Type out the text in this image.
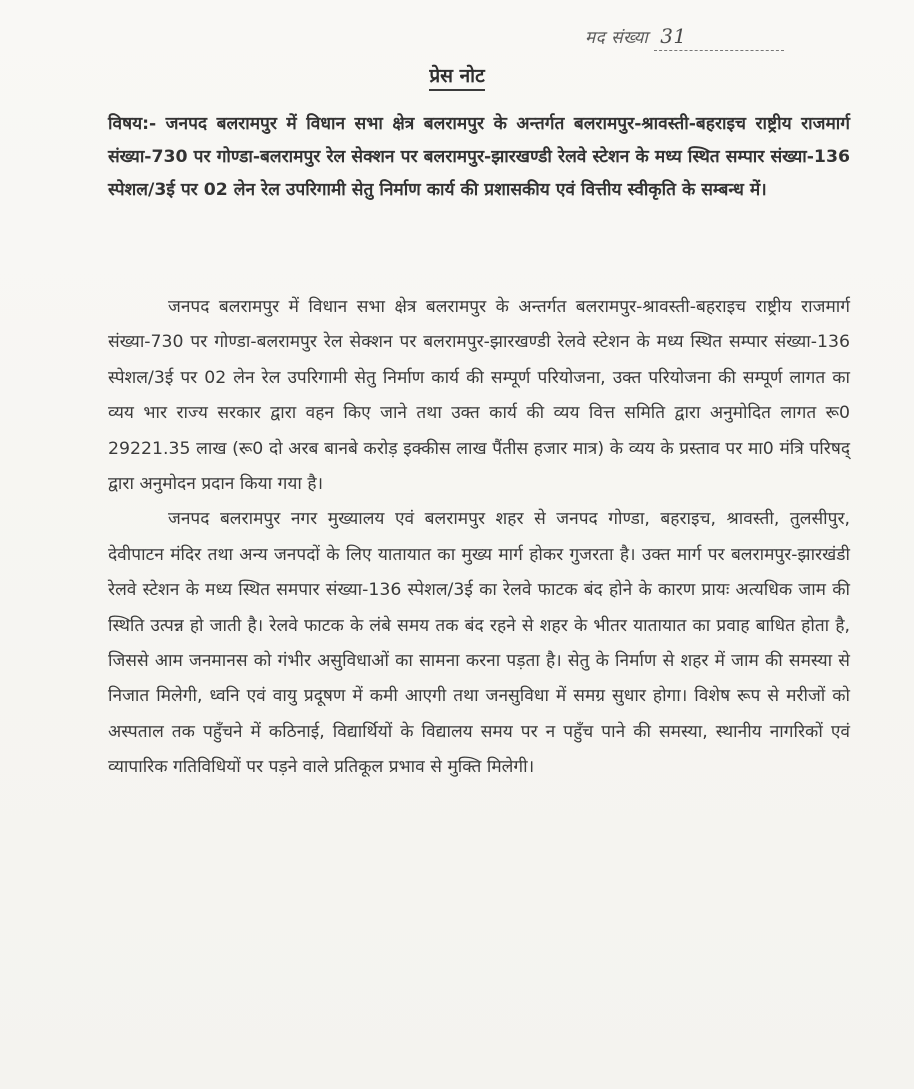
मद संख्या 31
प्रेस नोट
विषय:- जनपद बलरामपुर में विधान सभा क्षेत्र बलरामपुर के अन्तर्गत बलरामपुर-श्रावस्ती-बहराइच राष्ट्रीय राजमार्ग संख्या-730 पर गोण्डा-बलरामपुर रेल सेक्शन पर बलरामपुर-झारखण्डी रेलवे स्टेशन के मध्य स्थित सम्पार संख्या-136 स्पेशल/3ई पर 02 लेन रेल उपरिगामी सेतु निर्माण कार्य की प्रशासकीय एवं वित्तीय स्वीकृति के सम्बन्ध में।

जनपद बलरामपुर में विधान सभा क्षेत्र बलरामपुर के अन्तर्गत बलरामपुर-श्रावस्ती-बहराइच राष्ट्रीय राजमार्ग संख्या-730 पर गोण्डा-बलरामपुर रेल सेक्शन पर बलरामपुर-झारखण्डी रेलवे स्टेशन के मध्य स्थित सम्पार संख्या-136 स्पेशल/3ई पर 02 लेन रेल उपरिगामी सेतु निर्माण कार्य की सम्पूर्ण परियोजना, उक्त परियोजना की सम्पूर्ण लागत का व्यय भार राज्य सरकार द्वारा वहन किए जाने तथा उक्त कार्य की व्यय वित्त समिति द्वारा अनुमोदित लागत रू0 29221.35 लाख (रू0 दो अरब बानबे करोड़ इक्कीस लाख पैंतीस हजार मात्र) के व्यय के प्रस्ताव पर मा0 मंत्रि परिषद् द्वारा अनुमोदन प्रदान किया गया है।

जनपद बलरामपुर नगर मुख्यालय एवं बलरामपुर शहर से जनपद गोण्डा, बहराइच, श्रावस्ती, तुलसीपुर, देवीपाटन मंदिर तथा अन्य जनपदों के लिए यातायात का मुख्य मार्ग होकर गुजरता है। उक्त मार्ग पर बलरामपुर-झारखंडी रेलवे स्टेशन के मध्य स्थित समपार संख्या-136 स्पेशल/3ई का रेलवे फाटक बंद होने के कारण प्रायः अत्यधिक जाम की स्थिति उत्पन्न हो जाती है। रेलवे फाटक के लंबे समय तक बंद रहने से शहर के भीतर यातायात का प्रवाह बाधित होता है, जिससे आम जनमानस को गंभीर असुविधाओं का सामना करना पड़ता है। सेतु के निर्माण से शहर में जाम की समस्या से निजात मिलेगी, ध्वनि एवं वायु प्रदूषण में कमी आएगी तथा जनसुविधा में समग्र सुधार होगा। विशेष रूप से मरीजों को अस्पताल तक पहुँचने में कठिनाई, विद्यार्थियों के विद्यालय समय पर न पहुँच पाने की समस्या, स्थानीय नागरिकों एवं व्यापारिक गतिविधियों पर पड़ने वाले प्रतिकूल प्रभाव से मुक्ति मिलेगी।
